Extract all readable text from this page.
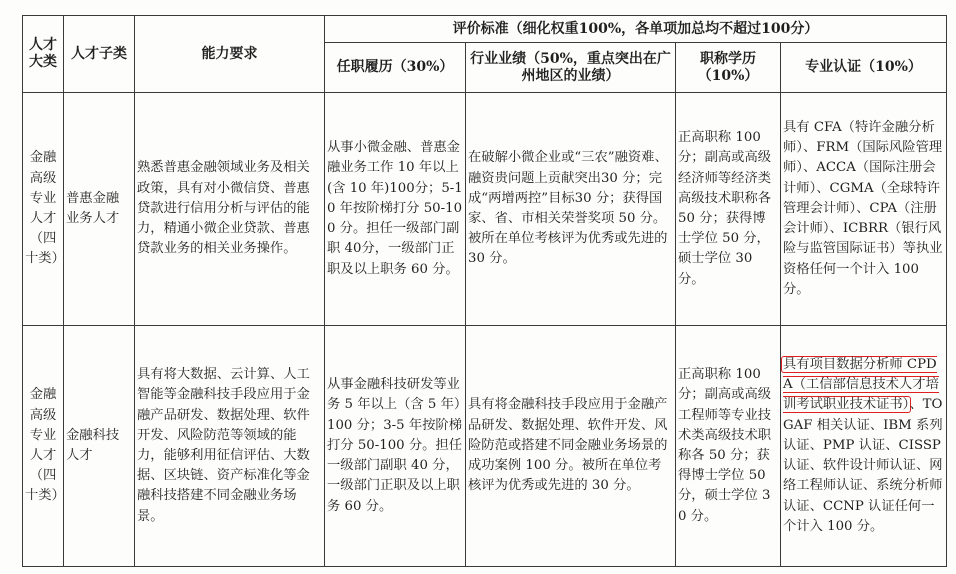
人才大类	人才子类	能力要求	评价标准（细化权重100%，各单项加总均不超过100分）			
			任职履历（30%）	行业业绩（50%，重点突出在广州地区的业绩）	职称学历（10%）	专业认证（10%）
金融高级专业人才（四十类）	普惠金融业务人才	熟悉普惠金融领域业务及相关政策，具有对小微信贷、普惠贷款进行信用分析与评估的能力，精通小微企业贷款、普惠贷款业务的相关业务操作。	从事小微金融、普惠金融业务工作 10 年以上(含 10 年)100分；5-10 年按阶梯打分 50-100 分。担任一级部门副职 40分，一级部门正职及以上职务 60 分。	在破解小微企业或“三农”融资难、融资贵问题上贡献突出30 分；完成“两增两控”目标30 分；获得国家、省、市相关荣誉奖项 50 分。被所在单位考核评为优秀或先进的 30 分。	正高职称 100 分；副高或高级经济师等经济类高级技术职称各 50 分；获得博士学位 50 分，硕士学位 30 分。	具有 CFA（特许金融分析师）、FRM（国际风险管理师）、ACCA（国际注册会计师）、CGMA（全球特许管理会计师）、CPA（注册会计师）、ICBRR（银行风险与监管国际证书）等执业资格任何一个计入 100 分。
金融高级专业人才（四十类）	金融科技人才	具有将大数据、云计算、人工智能等金融科技手段应用于金融产品研发、数据处理、软件开发、风险防范等领域的能力，能够利用征信评估、大数据、区块链、资产标准化等金融科技搭建不同金融业务场景。	从事金融科技研发等业务 5 年以上（含 5 年）100 分；3-5 年按阶梯打分 50-100 分。担任一级部门副职 40 分，一级部门正职及以上职务 60 分。	具有将金融科技手段应用于金融产品研发、数据处理、软件开发、风险防范或搭建不同金融业务场景的成功案例 100 分。被所在单位考核评为优秀或先进的 30 分。	正高职称 100 分；副高或高级工程师等专业技术类高级技术职称各 50 分；获得博士学位 50 分，硕士学位 30 分。	具有项目数据分析师 CPDA（工信部信息技术人才培训考试职业技术证书）、TOGAF 相关认证、IBM 系列认证、PMP 认证、CISSP 认证、软件设计师认证、网络工程师认证、系统分析师认证、CCNP 认证任何一个计入 100 分。
